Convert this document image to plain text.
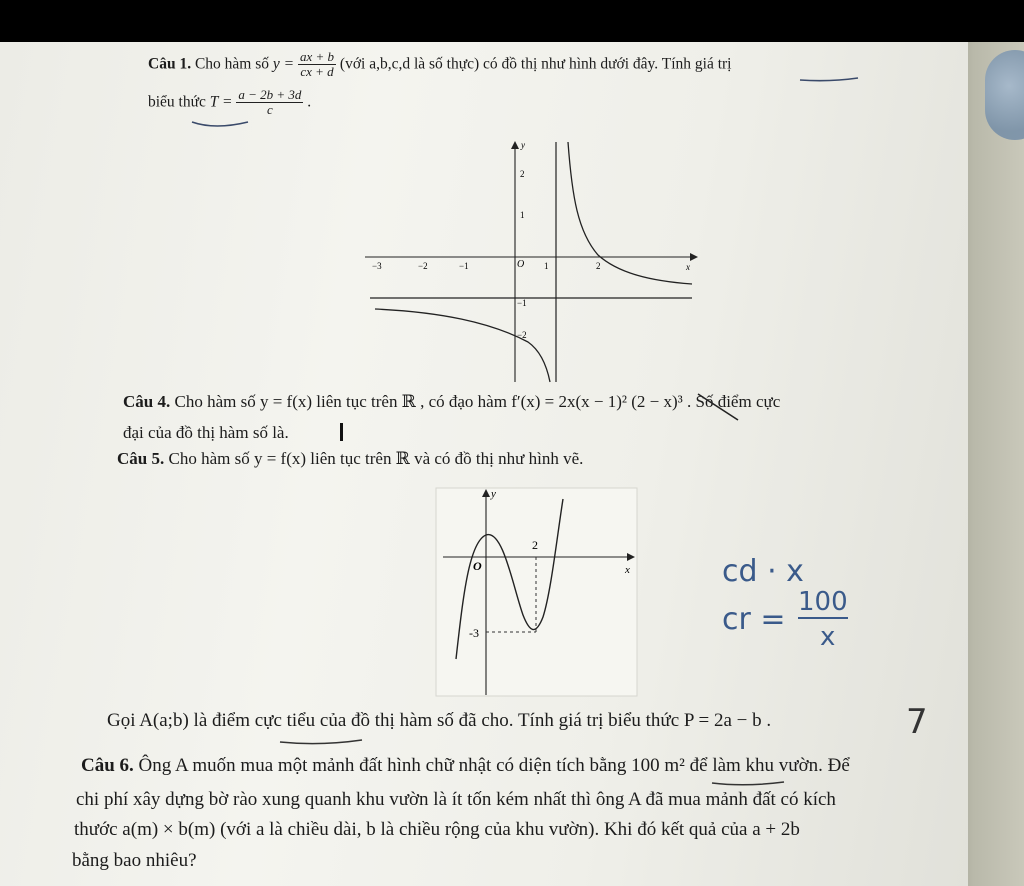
Câu 1. Cho hàm số $y = \frac{ax + b}{cx + d}$ (với a,b,c,d là số thực) có đồ thị như hình dưới đây. Tính giá trị
biểu thức $T = \frac{a - 2b + 3d}{c}$ .
y
x
O
−3	−2	−1	1	2
2
1
−1
−2
Câu 4. Cho hàm số y = f(x) liên tục trên ℝ , có đạo hàm f′(x) = 2x(x − 1)² (2 − x)³ . Số điểm cực
đại của đồ thị hàm số là.
Câu 5. Cho hàm số y = f(x) liên tục trên ℝ và có đồ thị như hình vẽ.
y
x
O
2
-3
cd · x
cr = 100
x
Gọi A(a;b) là điểm cực tiểu của đồ thị hàm số đã cho. Tính giá trị biểu thức P = 2a − b .	7
Câu 6. Ông A muốn mua một mảnh đất hình chữ nhật có diện tích bằng 100 m² để làm khu vườn. Để
chi phí xây dựng bờ rào xung quanh khu vườn là ít tốn kém nhất thì ông A đã mua mảnh đất có kích
thước a(m) × b(m) (với a là chiều dài, b là chiều rộng của khu vườn). Khi đó kết quả của a + 2b
bằng bao nhiêu?
